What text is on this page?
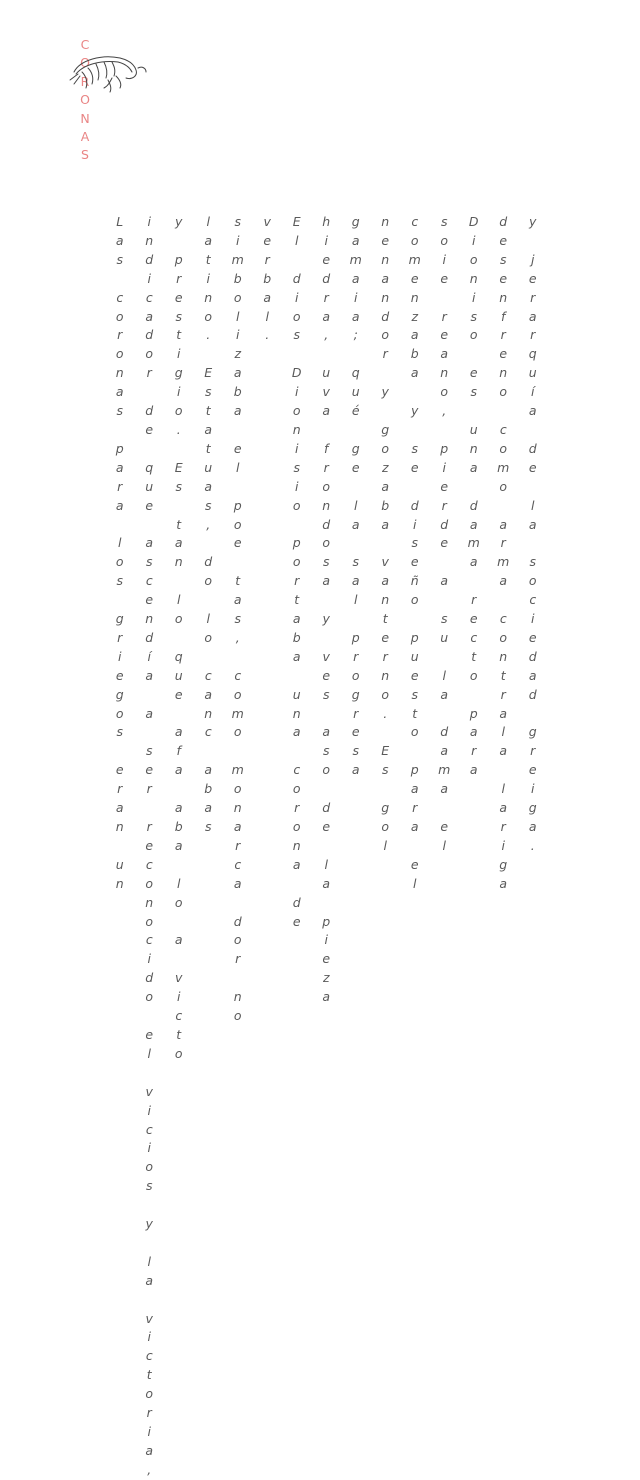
C
O
R
O
N
A
S
L
a
s

c
o
r
o
n
a
s

p
a
r
a

l
o
s

g
r
i
e
g
o
s

e
r
a
n

u
n
i
n
d
i
c
a
d
o
r

d
e

q
u
e

a
s
c
e
n
d
í
a

a

s
e
r

r
e
c
o
n
o
c
i
d
o

e
l

v
i
c
i
o
s

y

l
a

v
i
c
t
o
r
i
a
,
y

p
r
e
s
t
i
g
i
o
.

E
s

t
a
n

l
o

q
u
e

a
f
a

a
b
a

l
o

a

v
i
c
t
o
l
a
t
i
n
o
.

E
s
t
a
t
u
a
s
,

d
o

l
o

c
a
n
c

a
b
a
s
s
i
m
b
o
l
i
z
a
b
a

e
l

p
o
e

t
a
s
,

c
o
m
o

m
o
n
a
r
c
a

d
o
r

n
o
v
e
r
b
a
l
.
E
l

d
i
o
s

D
i
o
n
i
s
i
o

p
o
r
t
a
b
a

u
n
a

c
o
r
o
n
a

d
e
h
i
e
d
r
a
,

u
v
a

f
r
o
n
d
o
s
a

y

v
e
s

a
s
o

d
e

l
a

p
i
e
z
a
g
a
m
a
i
a
;

q
u
é

g
e

l
a

s
a
l

p
r
o
g
r
e
s
a
n
e
n
a
n
d
o
r

y

g
o
z
a
b
a

v
a
n
t
e
r
n
o
.

E
s

g
o
l
c
o
m
e
n
z
a
b
a

y

s
e

d
i
s
e
ñ
o

p
u
e
s
t
o

p
a
r
a

e
l
s
o
i
e

r
e
a
n
o
,

p
i
e
r
d
e

a

s
u

l
a

d
a
m
a

e
l
D
i
o
n
i
s
o

e
s

u
n
a

d
a
m
a

r
e
c
t
o

p
a
r
a
d
e
s
e
n
f
r
e
n
o

c
o
m
o

a
r
m
a

c
o
n
t
r
a
l
a

l
a
r
i
g
a
y

j
e
r
a
r
q
u
í
a

d
e

l
a

s
o
c
i
e
d
a
d

g
r
e
i
g
a
.
